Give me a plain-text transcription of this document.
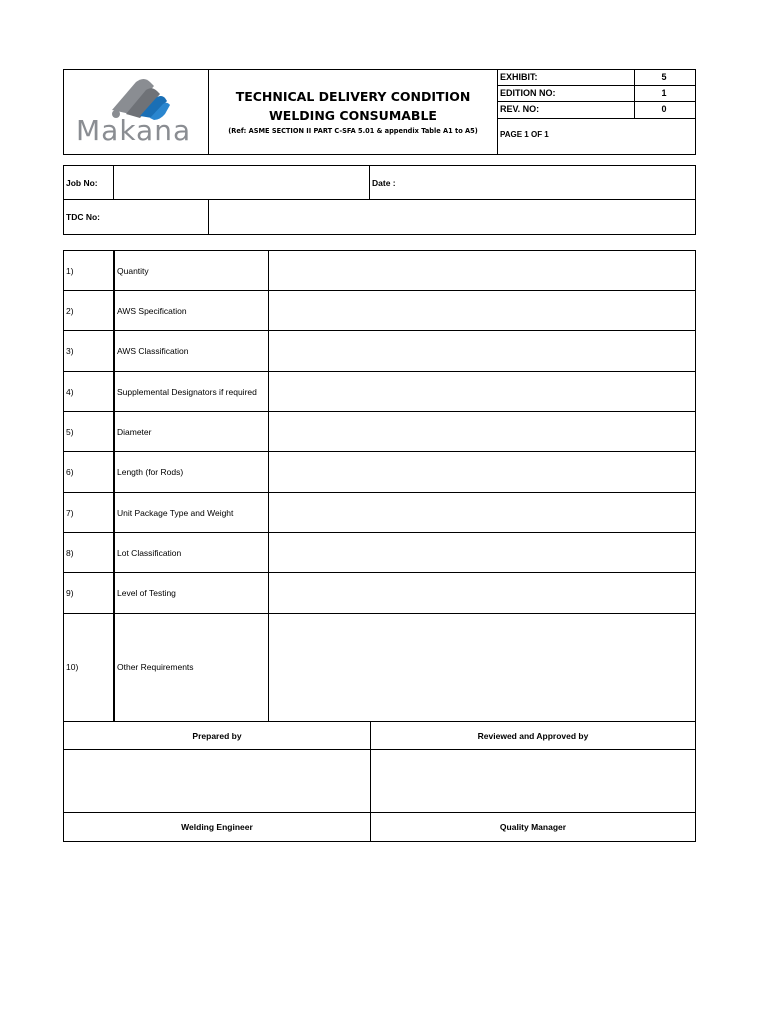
Makana
TECHNICAL DELIVERY CONDITION
WELDING CONSUMABLE
(Ref: ASME SECTION II PART C-SFA 5.01 & appendix Table A1 to A5)
EXHIBIT:	5
EDITION NO:	1
REV. NO:	0
PAGE 1 OF 1
Job No:	Date :
TDC No:
1)	Quantity
2)	AWS Specification
3)	AWS Classification
4)	Supplemental Designators if required
5)	Diameter
6)	Length (for Rods)
7)	Unit Package Type and Weight
8)	Lot Classification
9)	Level of Testing
10)	Other Requirements
Prepared by	Reviewed and Approved by
Welding Engineer	Quality Manager
